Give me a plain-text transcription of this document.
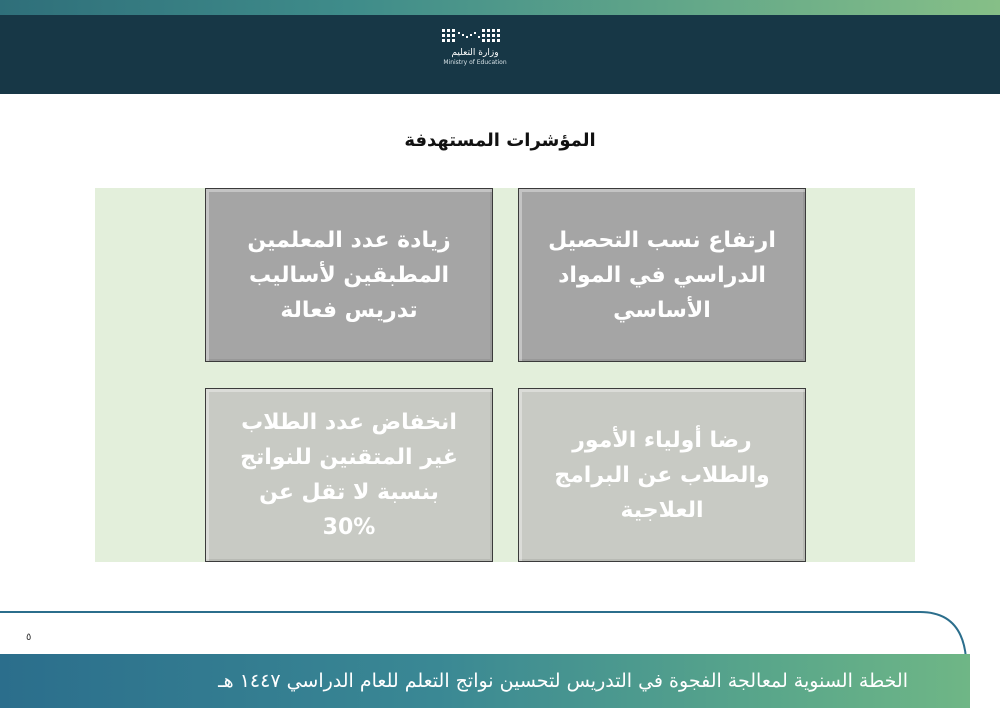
وزارة التعليم
Ministry of Education
المؤشرات المستهدفة
ارتفاع نسب التحصيل الدراسي في المواد الأساسي
زيادة عدد المعلمين المطبقين لأساليب تدريس فعالة
رضا أولياء الأمور والطلاب عن البرامج العلاجية
انخفاض عدد الطلاب غير المتقنين للنواتج بنسبة لا تقل عن
30%
٥
الخطة السنوية لمعالجة الفجوة في التدريس لتحسين نواتج التعلم للعام الدراسي ١٤٤٧ هـ
